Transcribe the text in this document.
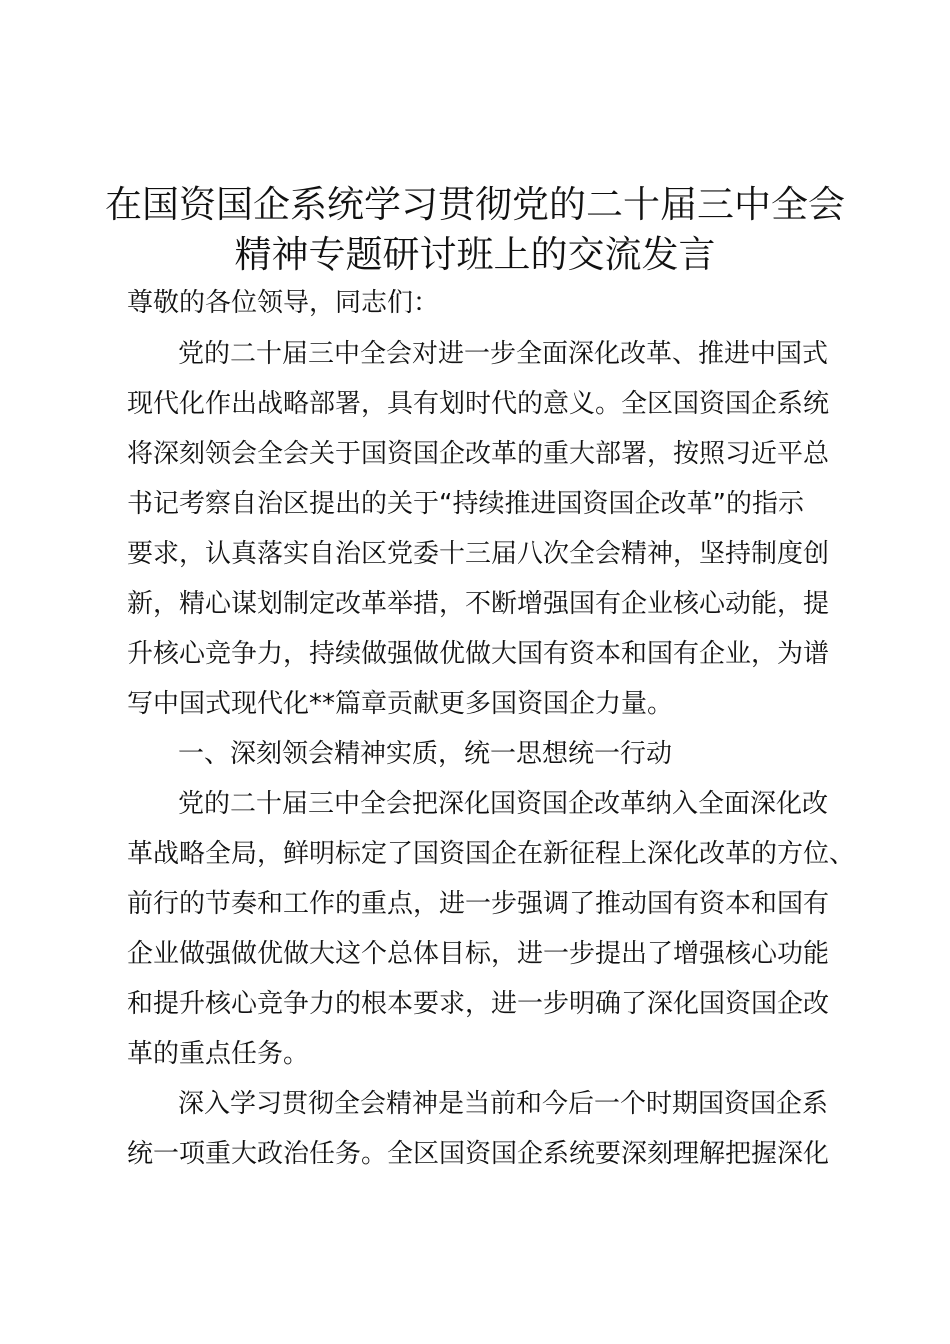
在国资国企系统学习贯彻党的二十届三中全会
精神专题研讨班上的交流发言
尊敬的各位领导，同志们：
党的二十届三中全会对进一步全面深化改革、推进中国式
现代化作出战略部署，具有划时代的意义。全区国资国企系统
将深刻领会全会关于国资国企改革的重大部署，按照习近平总
书记考察自治区提出的关于“持续推进国资国企改革”的指示
要求，认真落实自治区党委十三届八次全会精神，坚持制度创
新，精心谋划制定改革举措，不断增强国有企业核心动能，提
升核心竞争力，持续做强做优做大国有资本和国有企业，为谱
写中国式现代化**篇章贡献更多国资国企力量。
一、深刻领会精神实质，统一思想统一行动
党的二十届三中全会把深化国资国企改革纳入全面深化改
革战略全局，鲜明标定了国资国企在新征程上深化改革的方位、
前行的节奏和工作的重点，进一步强调了推动国有资本和国有
企业做强做优做大这个总体目标，进一步提出了增强核心功能
和提升核心竞争力的根本要求，进一步明确了深化国资国企改
革的重点任务。
深入学习贯彻全会精神是当前和今后一个时期国资国企系
统一项重大政治任务。全区国资国企系统要深刻理解把握深化
